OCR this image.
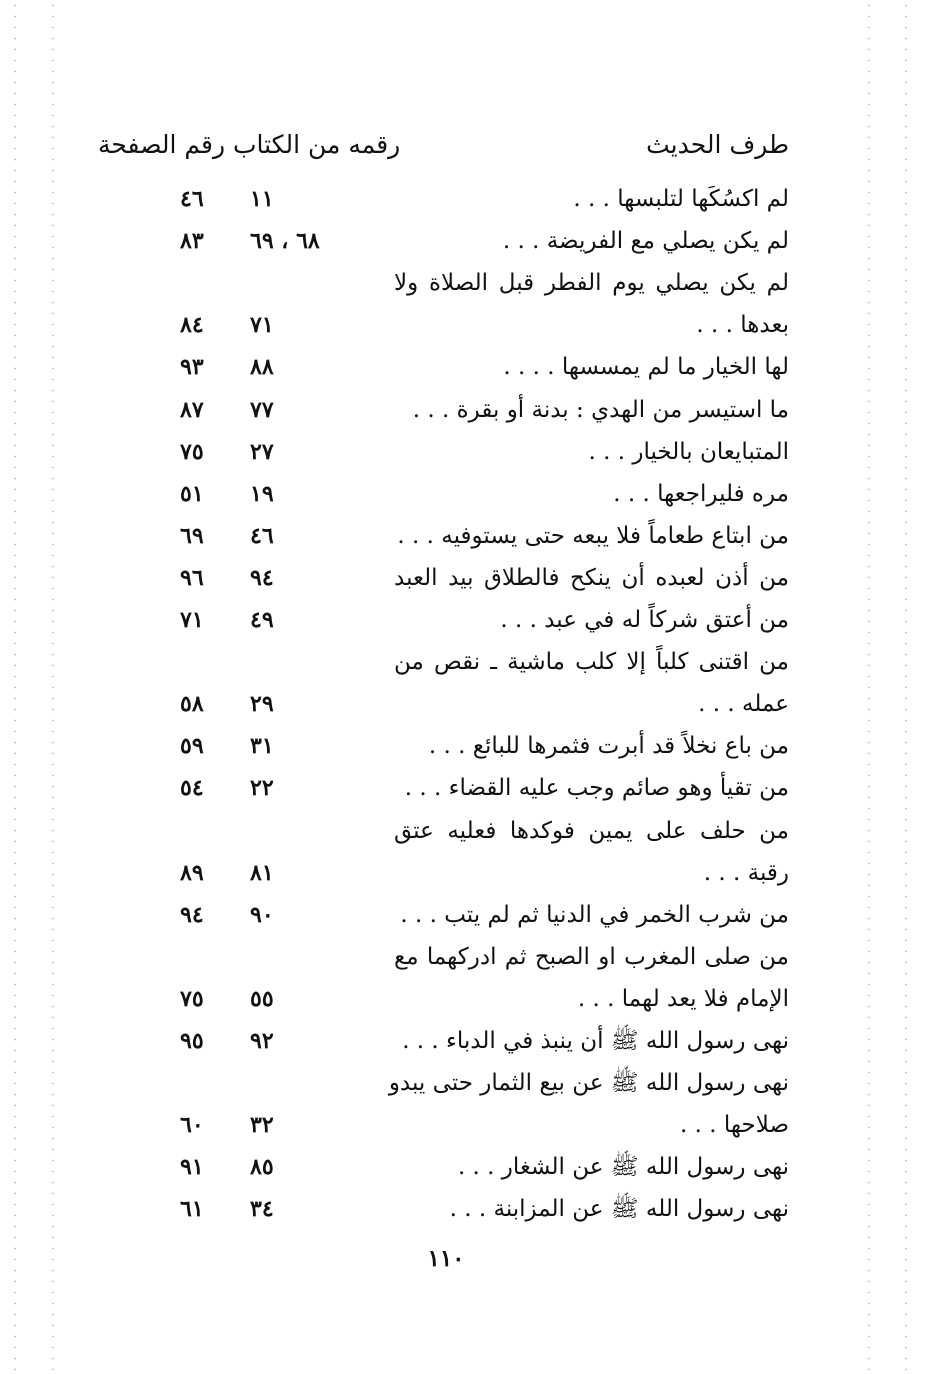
طرف الحديث
رقمه من الكتاب رقم الصفحة
لم اكسُكَها لتلبسها . . .
١١
٤٦
لم يكن يصلي مع الفريضة . . .
٦٨ ، ٦٩
٨٣
لم يكن يصلي يوم الفطر قبل الصلاة ولا
بعدها . . .
٧١
٨٤
لها الخيار ما لم يمسسها . . . .
٨٨
٩٣
ما استيسر من الهدي : بدنة أو بقرة . . .
٧٧
٨٧
المتبايعان بالخيار . . .
٢٧
٧٥
مره فليراجعها . . .
١٩
٥١
من ابتاع طعاماً فلا يبعه حتى يستوفيه . . .
٤٦
٦٩
من أذن لعبده أن ينكح فالطلاق بيد العبد
٩٤
٩٦
من أعتق شركاً له في عبد . . .
٤٩
٧١
من اقتنى كلباً إلا كلب ماشية ـ نقص من
عمله . . .
٢٩
٥٨
من باع نخلاً قد أبرت فثمرها للبائع . . .
٣١
٥٩
من تقيأ وهو صائم وجب عليه القضاء . . .
٢٢
٥٤
من حلف على يمين فوكدها فعليه عتق
رقبة . . .
٨١
٨٩
من شرب الخمر في الدنيا ثم لم يتب . . .
٩٠
٩٤
من صلى المغرب او الصبح ثم ادركهما مع
الإمام فلا يعد لهما . . .
٥٥
٧٥
نهى رسول الله ﷺ أن ينبذ في الدباء . . .
٩٢
٩٥
نهى رسول الله ﷺ عن بيع الثمار حتى يبدو
صلاحها . . .
٣٢
٦٠
نهى رسول الله ﷺ عن الشغار . . .
٨٥
٩١
نهى رسول الله ﷺ عن المزابنة . . .
٣٤
٦١
١١٠
